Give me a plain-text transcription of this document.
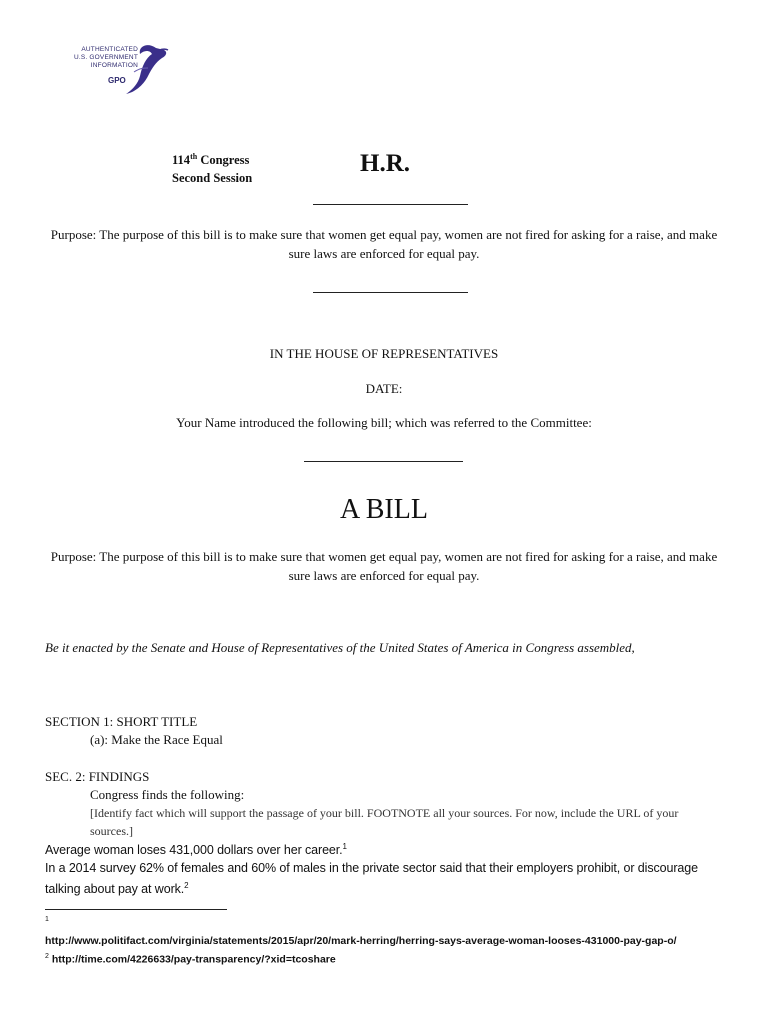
AUTHENTICATED
U.S. GOVERNMENT
INFORMATION
GPO
114th Congress
Second Session
H.R.
Purpose: The purpose of this bill is to make sure that women get equal pay, women are not fired for asking for a raise, and make sure laws are enforced for equal pay.
IN THE HOUSE OF REPRESENTATIVES
DATE:
Your Name introduced the following bill; which was referred to the Committee:
A BILL
Purpose: The purpose of this bill is to make sure that women get equal pay, women are not fired for asking for a raise, and make sure laws are enforced for equal pay.
Be it enacted by the Senate and House of Representatives of the United States of America in Congress assembled,
SECTION 1: SHORT TITLE
(a): Make the Race Equal
SEC. 2: FINDINGS
Congress finds the following:
[Identify fact which will support the passage of your bill. FOOTNOTE all your sources. For now, include the URL of your sources.]
Average woman loses 431,000 dollars over her career.$^1$
In a 2014 survey 62% of females and 60% of males in the private sector said that their employers prohibit, or discourage talking about pay at work.$^2$
$^1$
http://www.politifact.com/virginia/statements/2015/apr/20/mark-herring/herring-says-average-woman-looses-431000-pay-gap-o/
$^2$ http://time.com/4226633/pay-transparency/?xid=tcoshare
